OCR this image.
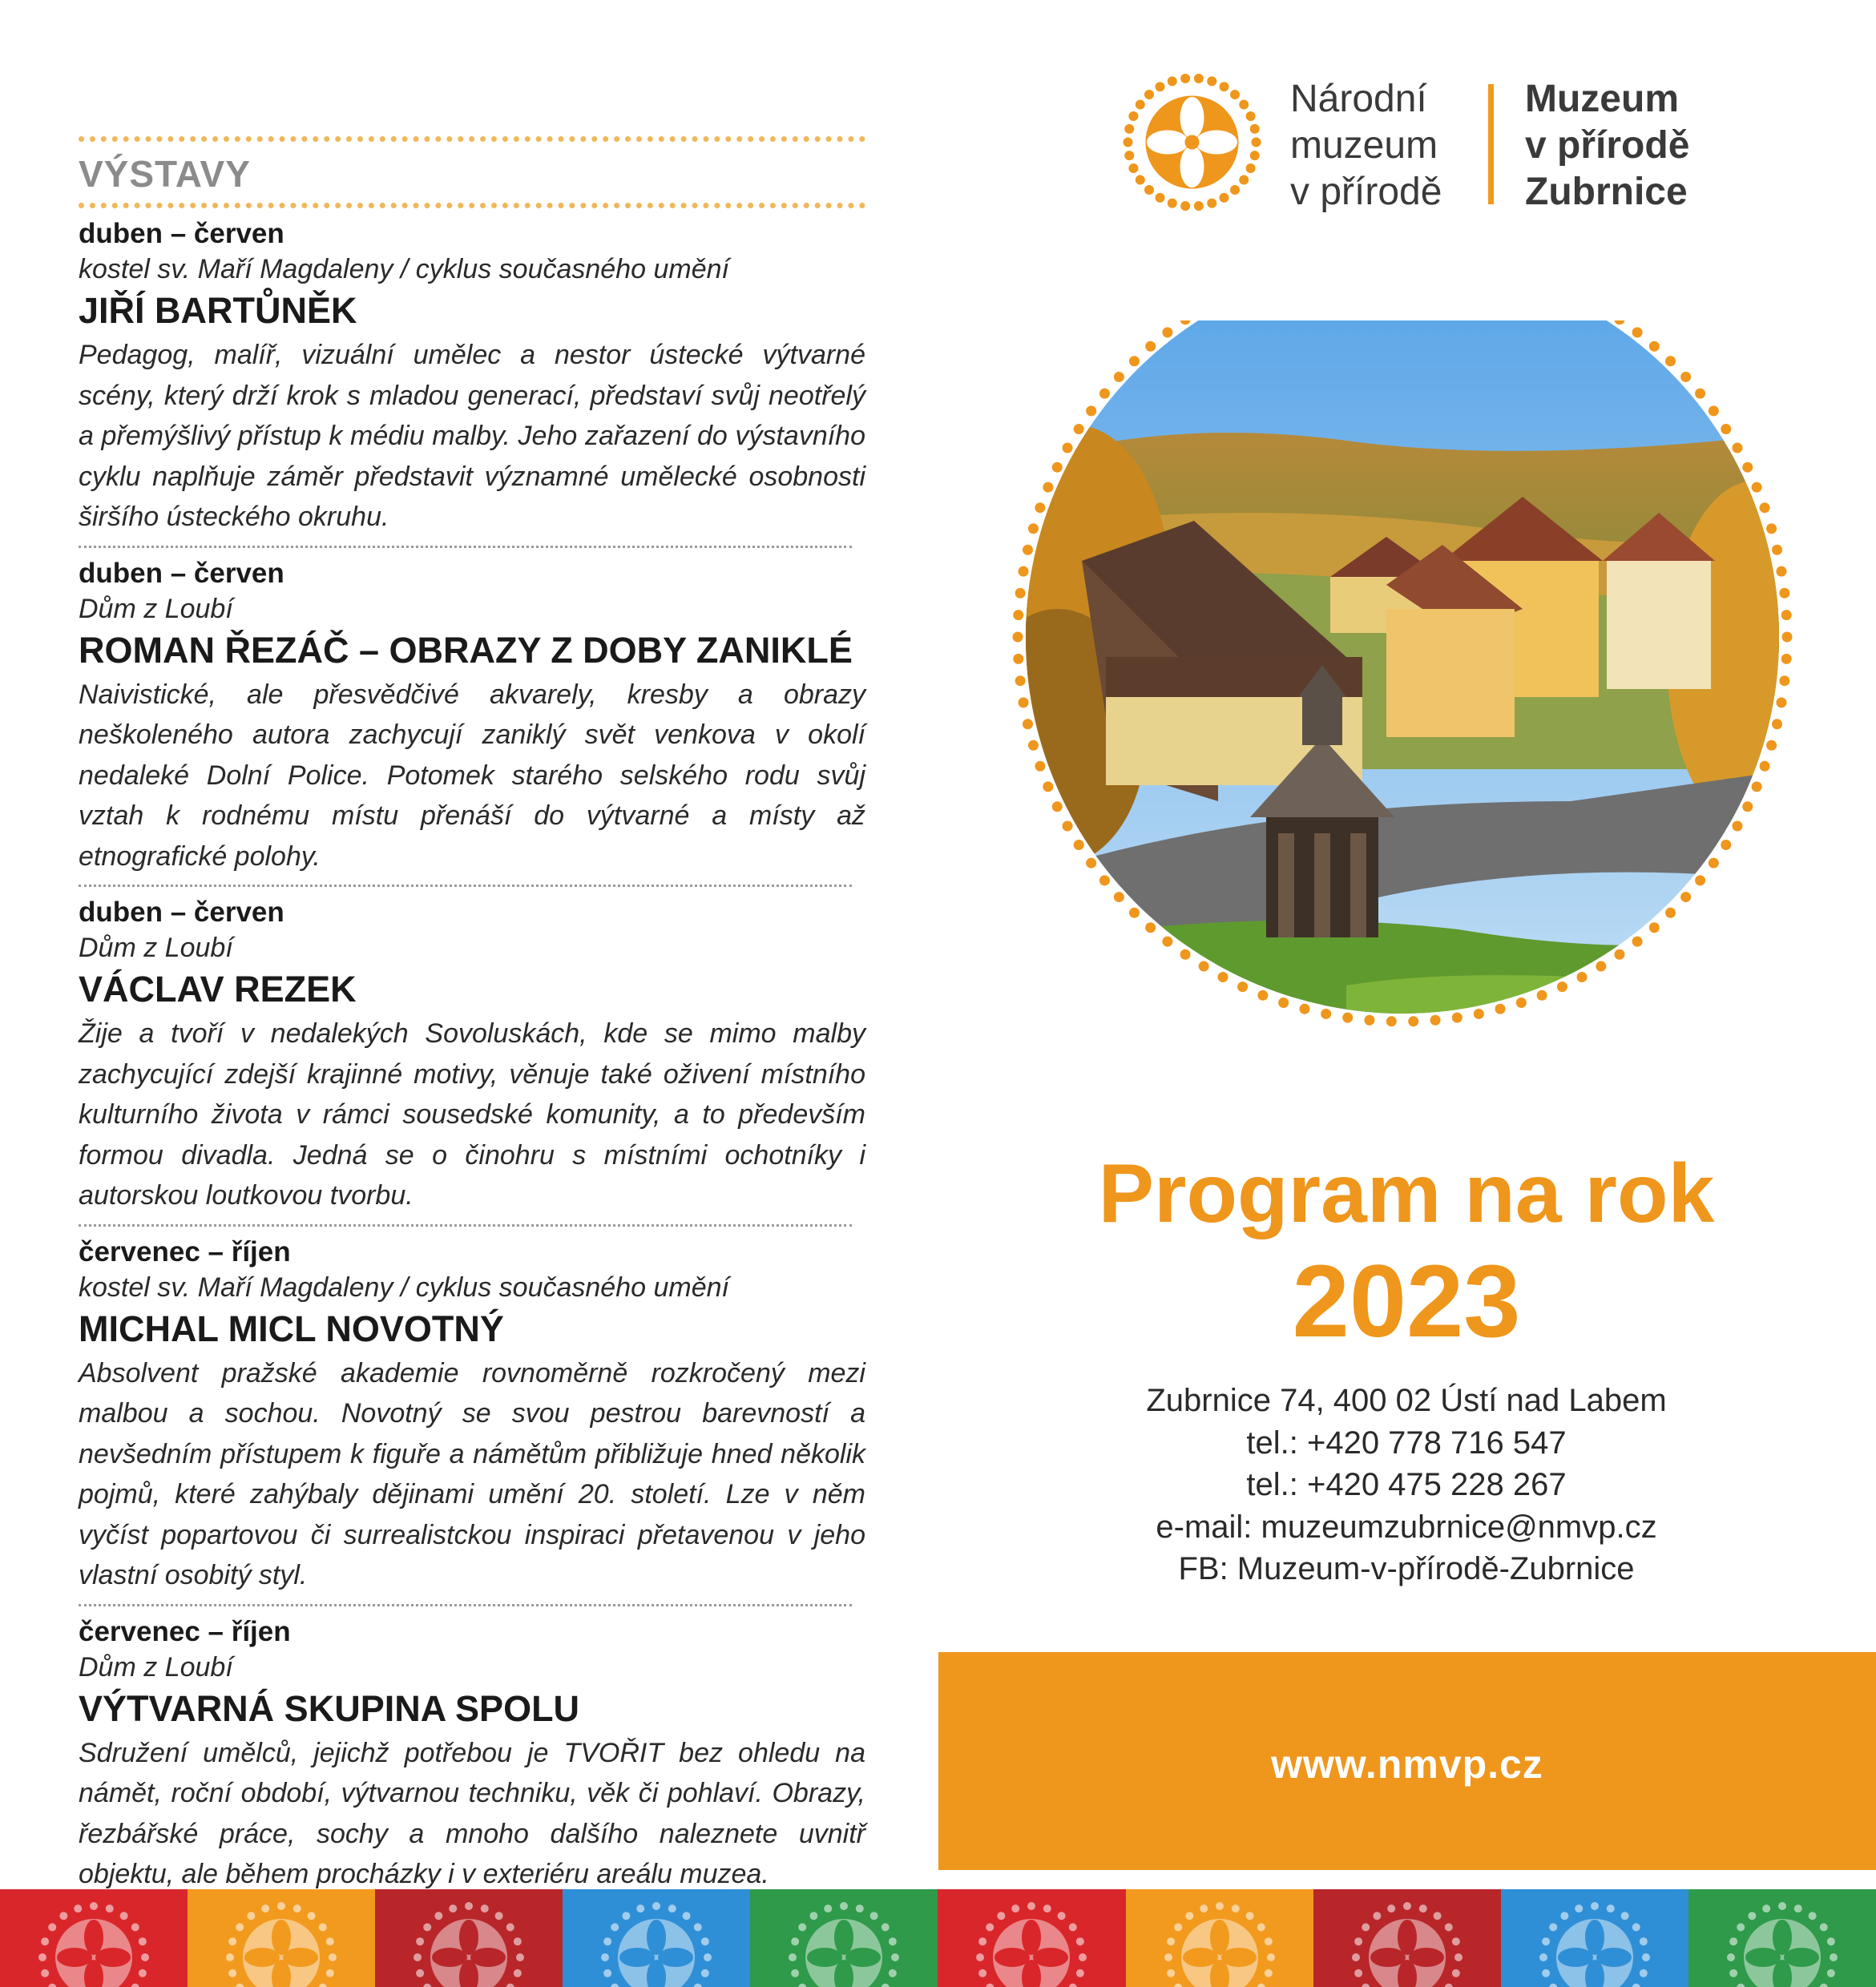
VÝSTAVY
duben – červen
kostel sv. Maří Magdaleny / cyklus současného umění
JIŘÍ BARTŮNĚK
Pedagog, malíř, vizuální umělec a nestor ústecké výtvarné scény, který drží krok s mladou generací, představí svůj neotřelý a přemýšlivý přístup k médiu malby. Jeho zařazení do výstavního cyklu naplňuje záměr představit významné umělecké osobnosti širšího ústeckého okruhu.
duben – červen
Dům z Loubí
ROMAN ŘEZÁČ – OBRAZY Z DOBY ZANIKLÉ
Naivistické, ale přesvědčivé akvarely, kresby a obrazy neškoleného autora zachycují zaniklý svět venkova v okolí nedaleké Dolní Police. Potomek starého selského rodu svůj vztah k rodnému místu přenáší do výtvarné a místy až etnografické polohy.
duben – červen
Dům z Loubí
VÁCLAV REZEK
Žije a tvoří v nedalekých Sovoluskách, kde se mimo malby zachycující zdejší krajinné motivy, věnuje také oživení místního kulturního života v rámci sousedské komunity, a to především formou divadla. Jedná se o činohru s místními ochotníky i autorskou loutkovou tvorbu.
červenec – říjen
kostel sv. Maří Magdaleny / cyklus současného umění
MICHAL MICL NOVOTNÝ
Absolvent pražské akademie rovnoměrně rozkročený mezi malbou a sochou. Novotný se svou pestrou barevností a nevšedním přístupem k figuře a námětům přibližuje hned několik pojmů, které zahýbaly dějinami umění 20. století. Lze v něm vyčíst popartovou či surrealistckou inspiraci přetavenou v jeho vlastní osobitý styl.
červenec – říjen
Dům z Loubí
VÝTVARNÁ SKUPINA SPOLU
Sdružení umělců, jejichž potřebou je TVOŘIT bez ohledu na námět, roční období, výtvarnou techniku, věk či pohlaví. Obrazy, řezbářské práce, sochy a mnoho dalšího naleznete uvnitř objektu, ale během procházky i v exteriéru areálu muzea.
Národní
muzeum
v přírodě
Muzeum
v přírodě
Zubrnice
Program na rok
2023
Zubrnice 74, 400 02 Ústí nad Labem
tel.: +420 778 716 547
tel.: +420 475 228 267
e-mail: muzeumzubrnice@nmvp.cz
FB: Muzeum-v-přírodě-Zubrnice
www.nmvp.cz
